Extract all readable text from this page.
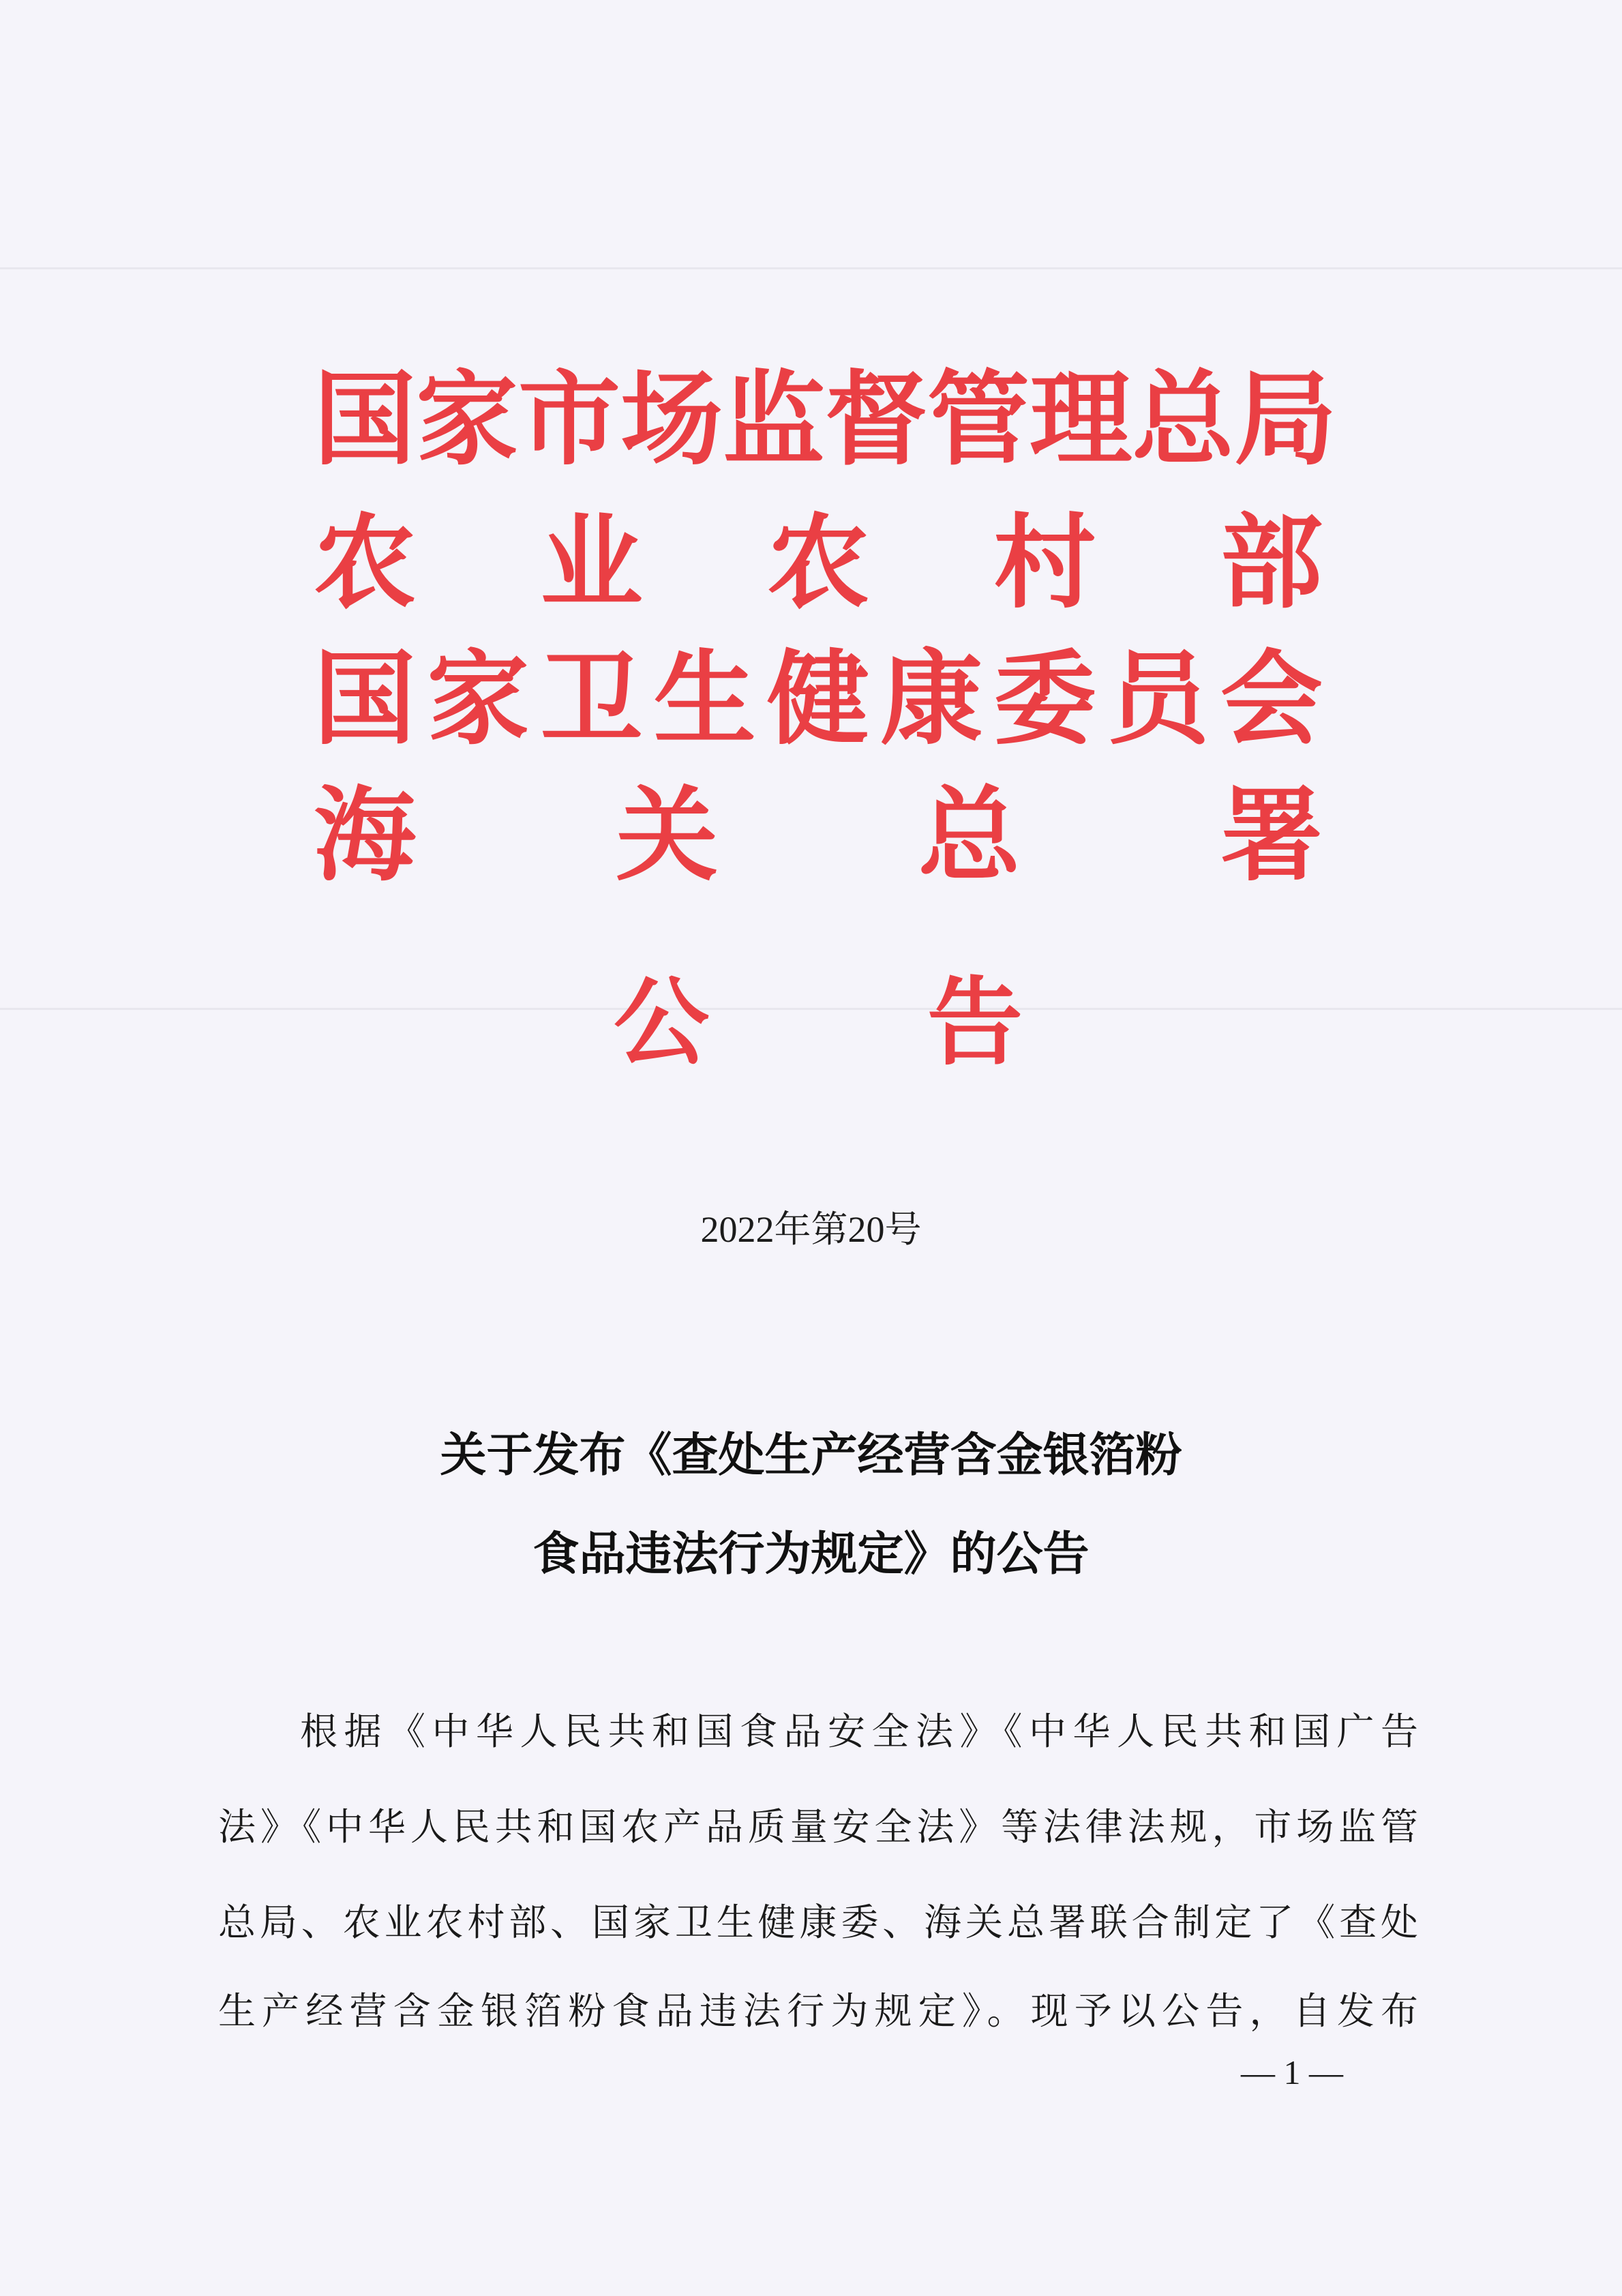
国 家 市 场 监 督 管 理 总 局
农 业 农 村 部
国 家 卫 生 健 康 委 员 会
海 关 总 署
公 告
2022年第20号
关于发布《查处生产经营含金银箔粉
食品违法行为规定》的公告
根据《中华人民共和国食品安全法》《中华人民共和国广告
法》《中华人民共和国农产品质量安全法》等法律法规，市场监管
总局、农业农村部、国家卫生健康委、海关总署联合制定了《查处
生产经营含金银箔粉食品违法行为规定》。现予以公告，自发布
— 1 —
